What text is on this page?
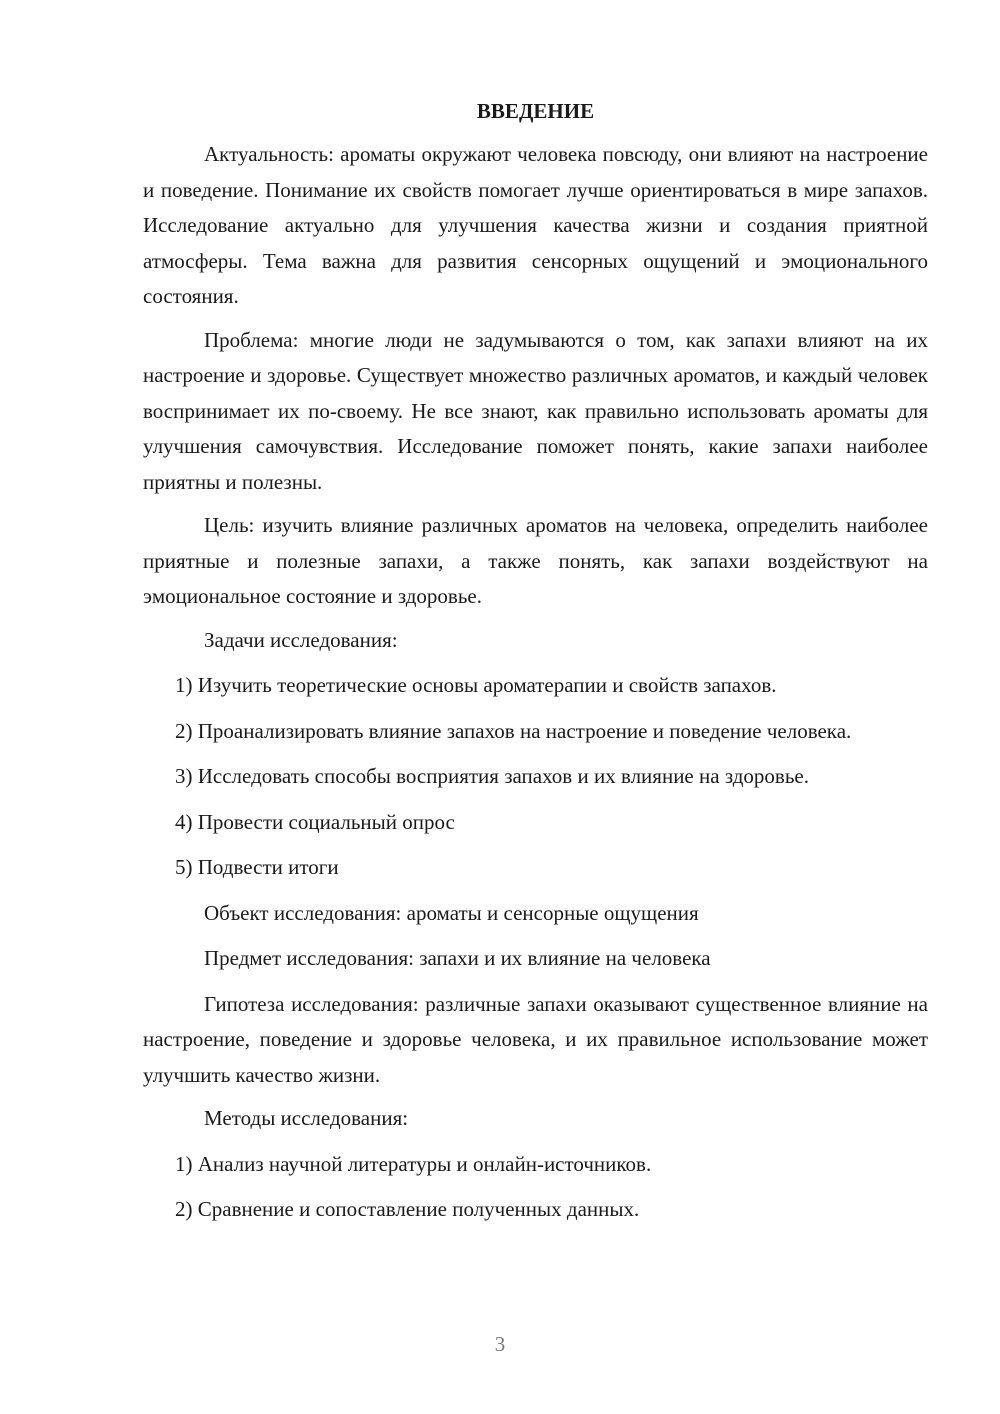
ВВЕДЕНИЕ

Актуальность: ароматы окружают человека повсюду, они влияют на настроение и поведение. Понимание их свойств помогает лучше ориентироваться в мире запахов. Исследование актуально для улучшения качества жизни и создания приятной атмосферы. Тема важна для развития сенсорных ощущений и эмоционального состояния.

Проблема: многие люди не задумываются о том, как запахи влияют на их настроение и здоровье. Существует множество различных ароматов, и каждый человек воспринимает их по-своему. Не все знают, как правильно использовать ароматы для улучшения самочувствия. Исследование поможет понять, какие запахи наиболее приятны и полезны.

Цель: изучить влияние различных ароматов на человека, определить наиболее приятные и полезные запахи, а также понять, как запахи воздействуют на эмоциональное состояние и здоровье.

Задачи исследования:

1) Изучить теоретические основы ароматерапии и свойств запахов.

2) Проанализировать влияние запахов на настроение и поведение человека.

3) Исследовать способы восприятия запахов и их влияние на здоровье.

4) Провести социальный опрос

5) Подвести итоги

Объект исследования: ароматы и сенсорные ощущения

Предмет исследования: запахи и их влияние на человека

Гипотеза исследования: различные запахи оказывают существенное влияние на настроение, поведение и здоровье человека, и их правильное использование может улучшить качество жизни.

Методы исследования:

1) Анализ научной литературы и онлайн-источников.

2) Сравнение и сопоставление полученных данных.

3
